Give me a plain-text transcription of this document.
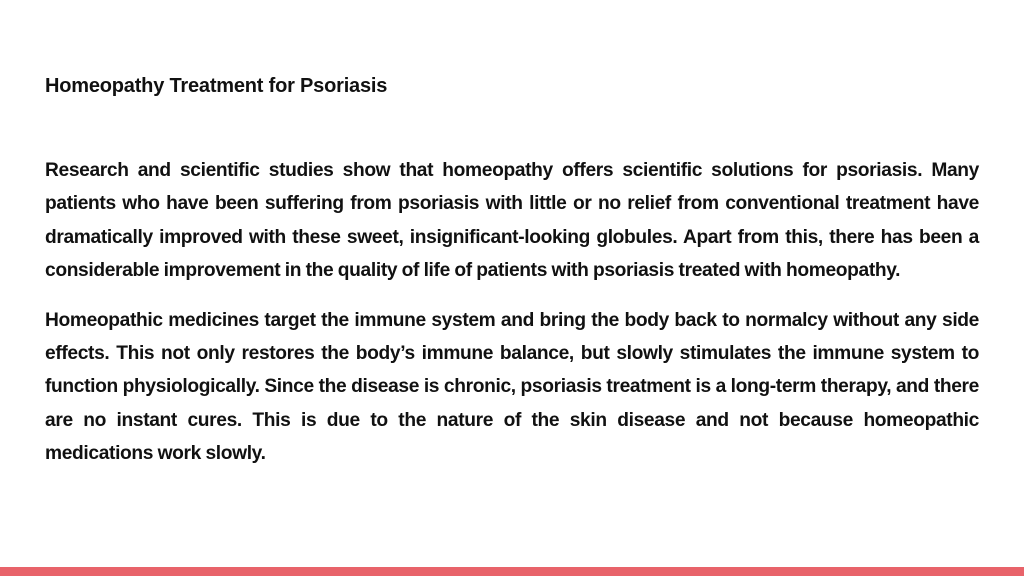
Homeopathy Treatment for Psoriasis

Research and scientific studies show that homeopathy offers scientific solutions for psoriasis. Many patients who have been suffering from psoriasis with little or no relief from conventional treatment have dramatically improved with these sweet, insignificant-looking globules. Apart from this, there has been a considerable improvement in the quality of life of patients with psoriasis treated with homeopathy.

Homeopathic medicines target the immune system and bring the body back to normalcy without any side effects. This not only restores the body’s immune balance, but slowly stimulates the immune system to function physiologically. Since the disease is chronic, psoriasis treatment is a long-term therapy, and there are no instant cures. This is due to the nature of the skin disease and not because homeopathic medications work slowly.
